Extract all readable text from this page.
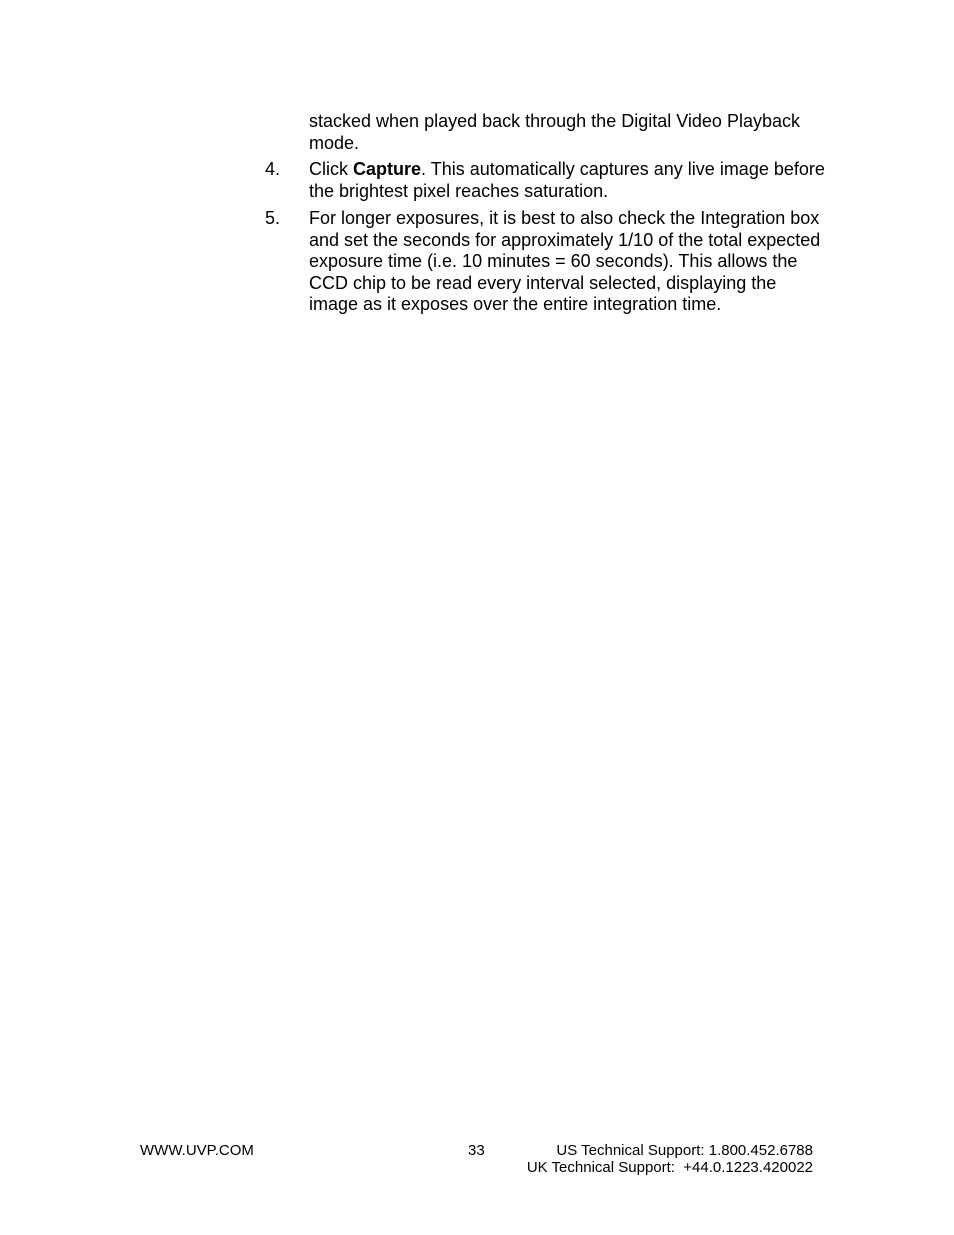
stacked when played back through the Digital Video Playback mode.
4.	Click Capture. This automatically captures any live image before the brightest pixel reaches saturation.
5.	For longer exposures, it is best to also check the Integration box and set the seconds for approximately 1/10 of the total expected exposure time (i.e. 10 minutes = 60 seconds). This allows the CCD chip to be read every interval selected, displaying the image as it exposes over the entire integration time.
WWW.UVP.COM	33	US Technical Support: 1.800.452.6788
UK Technical Support:  +44.0.1223.420022
